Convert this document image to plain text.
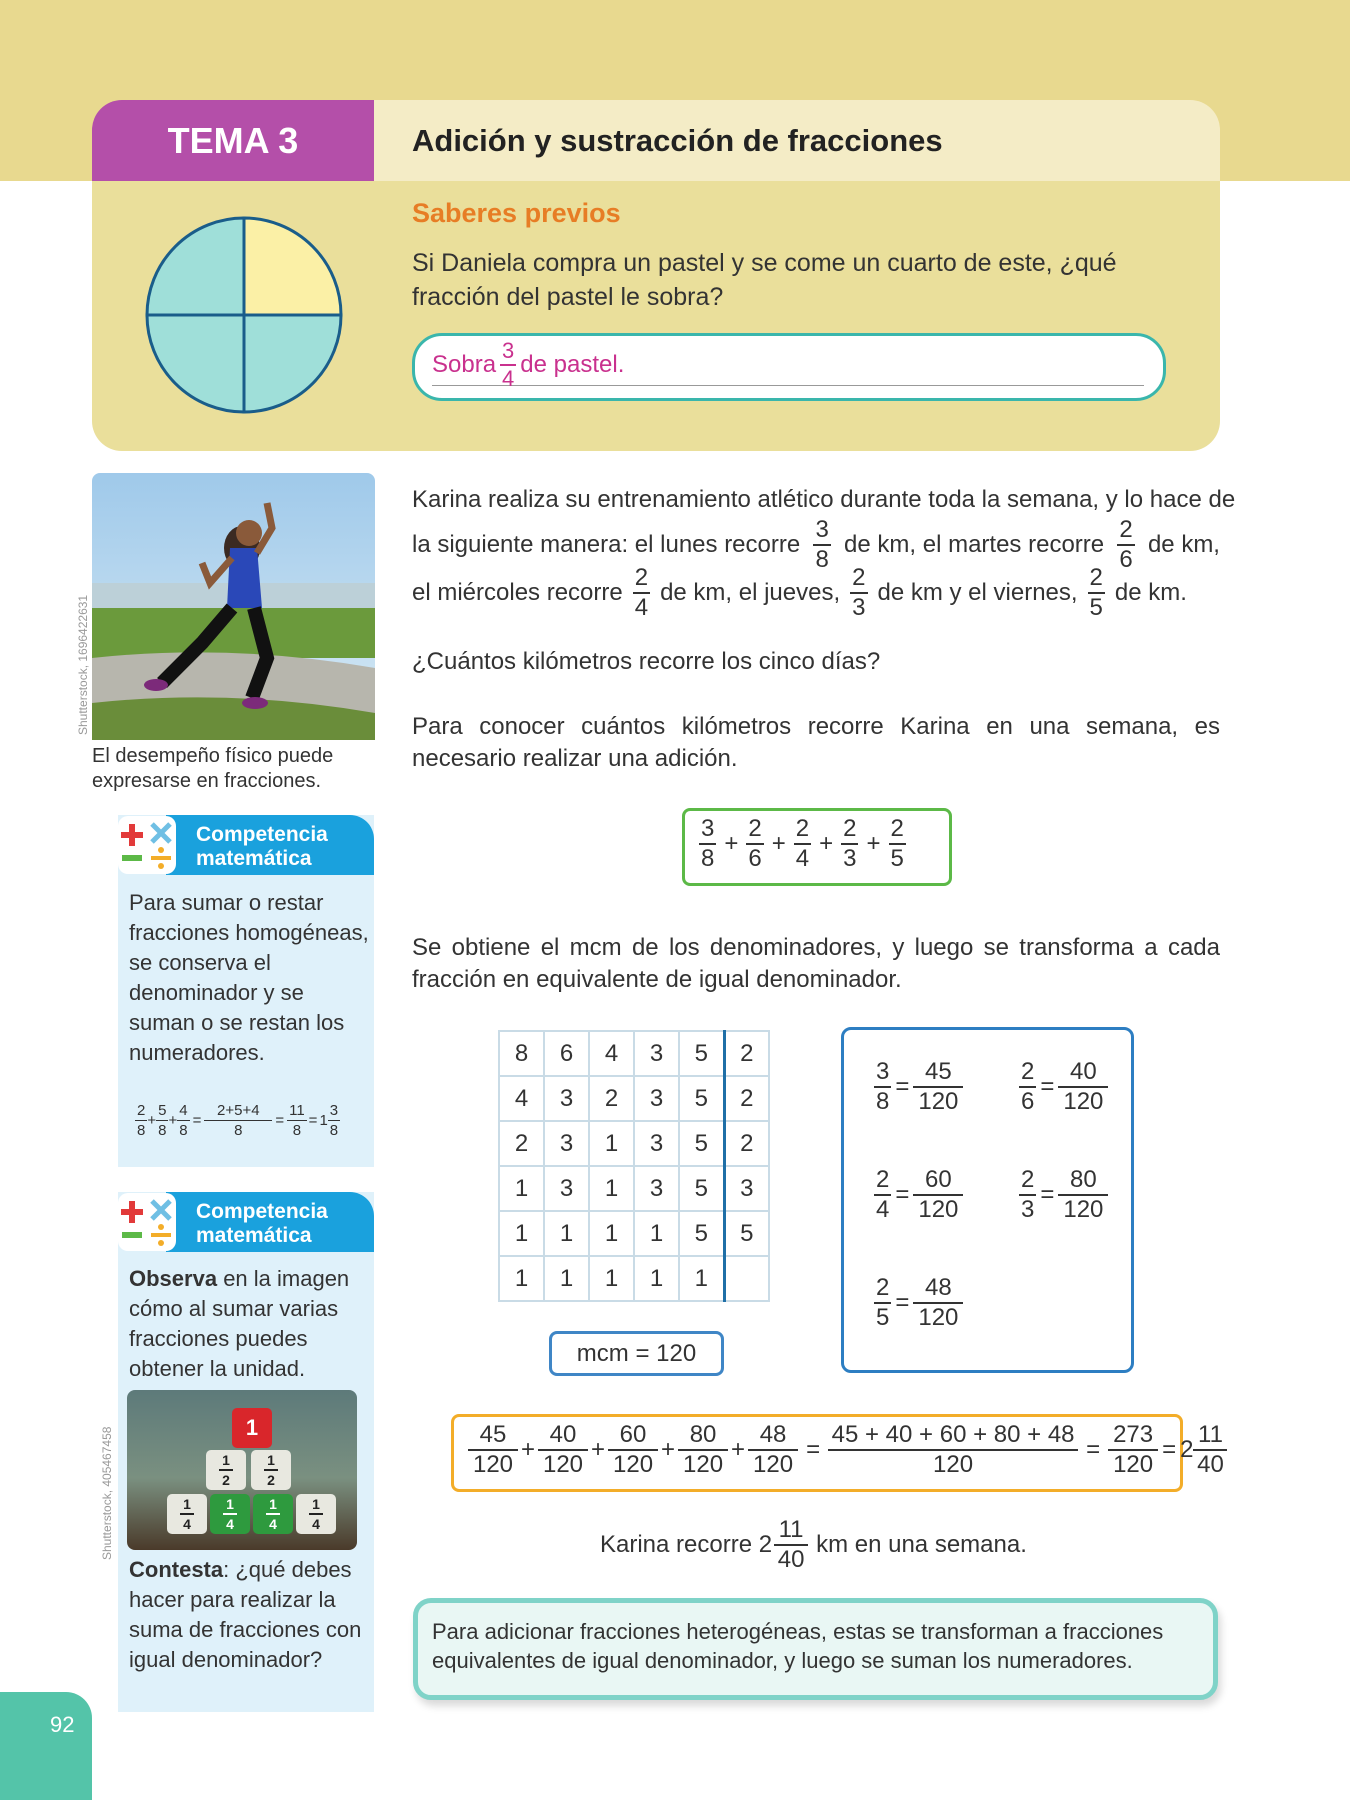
TEMA 3	Adición y sustracción de fracciones
Saberes previos
Si Daniela compra un pastel y se come un cuarto de este, ¿qué fracción del pastel le sobra?
Sobra $\frac{3}{4}$ de pastel.
Shutterstock, 1696422631
El desempeño físico puede expresarse en fracciones.
Competencia
matemática
Para sumar o restar fracciones homogéneas, se conserva el denominador y se suman o se restan los numeradores.
$\frac{2}{8} + \frac{5}{8} + \frac{4}{8} = \frac{2+5+4}{8} = \frac{11}{8} = 1 \frac{3}{8}$
Competencia
matemática
Observa en la imagen cómo al sumar varias fracciones puedes obtener la unidad.
Shutterstock, 405467458	1
1
2
1
2
1
4
1
4
1
4
1
4
Contesta: ¿qué debes hacer para realizar la suma de fracciones con igual denominador?
Karina realiza su entrenamiento atlético durante toda la semana, y lo hace de
la siguiente manera: el lunes recorre $\frac{3}{8}$ de km, el martes recorre $\frac{2}{6}$ de km,
el miércoles recorre $\frac{2}{4}$ de km, el jueves, $\frac{2}{3}$ de km y el viernes, $\frac{2}{5}$ de km.
¿Cuántos kilómetros recorre los cinco días?
Para conocer cuántos kilómetros recorre Karina en una semana, es necesario realizar una adición.
$\frac{3}{8} + \frac{2}{6} + \frac{2}{4} + \frac{2}{3} + \frac{2}{5}$
Se obtiene el mcm de los denominadores, y luego se transforma a cada fracción en equivalente de igual denominador.
8	6	4	3	5	2
4	3	2	3	5	2
2	3	1	3	5	2
1	3	1	3	5	3
1	1	1	1	5	5
1	1	1	1	1	
mcm = 120
$\frac{3}{8} = \frac{45}{120} \frac{2}{6} = \frac{40}{120}$
$\frac{2}{4} = \frac{60}{120} \frac{2}{3} = \frac{80}{120}$
$\frac{2}{5} = \frac{48}{120}$
$\frac{45}{120} + \frac{40}{120} + \frac{60}{120} + \frac{80}{120} + \frac{48}{120} = \frac{45 + 40 + 60 + 80 + 48}{120} = \frac{273}{120} = 2 \frac{11}{40}$
Karina recorre $2 \frac{11}{40}$ km en una semana.
Para adicionar fracciones heterogéneas, estas se transforman a fracciones equivalentes de igual denominador, y luego se suman los numeradores.
92
